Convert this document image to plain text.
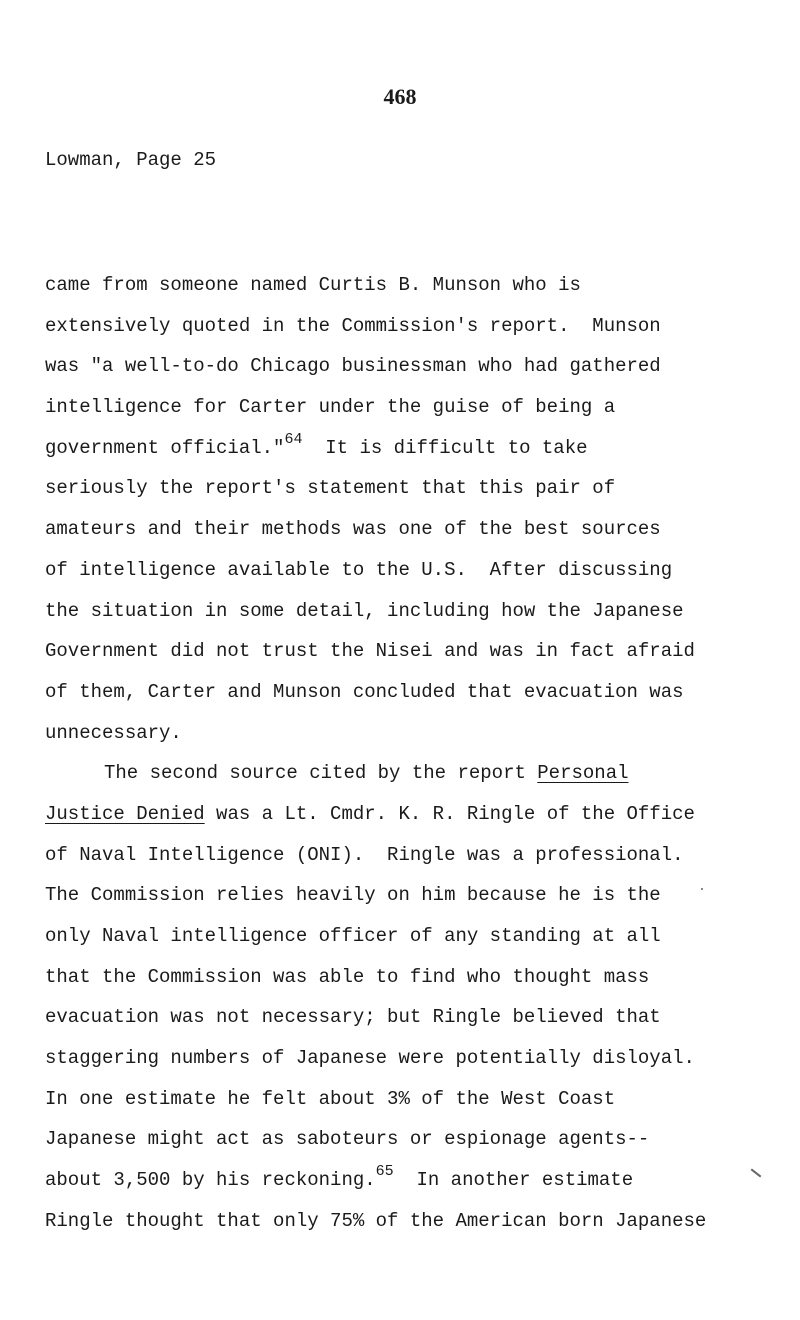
468
Lowman, Page 25
came from someone named Curtis B. Munson who is
extensively quoted in the Commission's report.  Munson
was "a well-to-do Chicago businessman who had gathered
intelligence for Carter under the guise of being a
government official."$^{64}$  It is difficult to take
seriously the report's statement that this pair of
amateurs and their methods was one of the best sources
of intelligence available to the U.S.  After discussing
the situation in some detail, including how the Japanese
Government did not trust the Nisei and was in fact afraid
of them, Carter and Munson concluded that evacuation was
unnecessary.
The second source cited by the report Personal
Justice Denied was a Lt. Cmdr. K. R. Ringle of the Office
of Naval Intelligence (ONI).  Ringle was a professional.
The Commission relies heavily on him because he is the
only Naval intelligence officer of any standing at all
that the Commission was able to find who thought mass
evacuation was not necessary; but Ringle believed that
staggering numbers of Japanese were potentially disloyal.
In one estimate he felt about 3% of the West Coast
Japanese might act as saboteurs or espionage agents--
about 3,500 by his reckoning.$^{65}$  In another estimate
Ringle thought that only 75% of the American born Japanese
